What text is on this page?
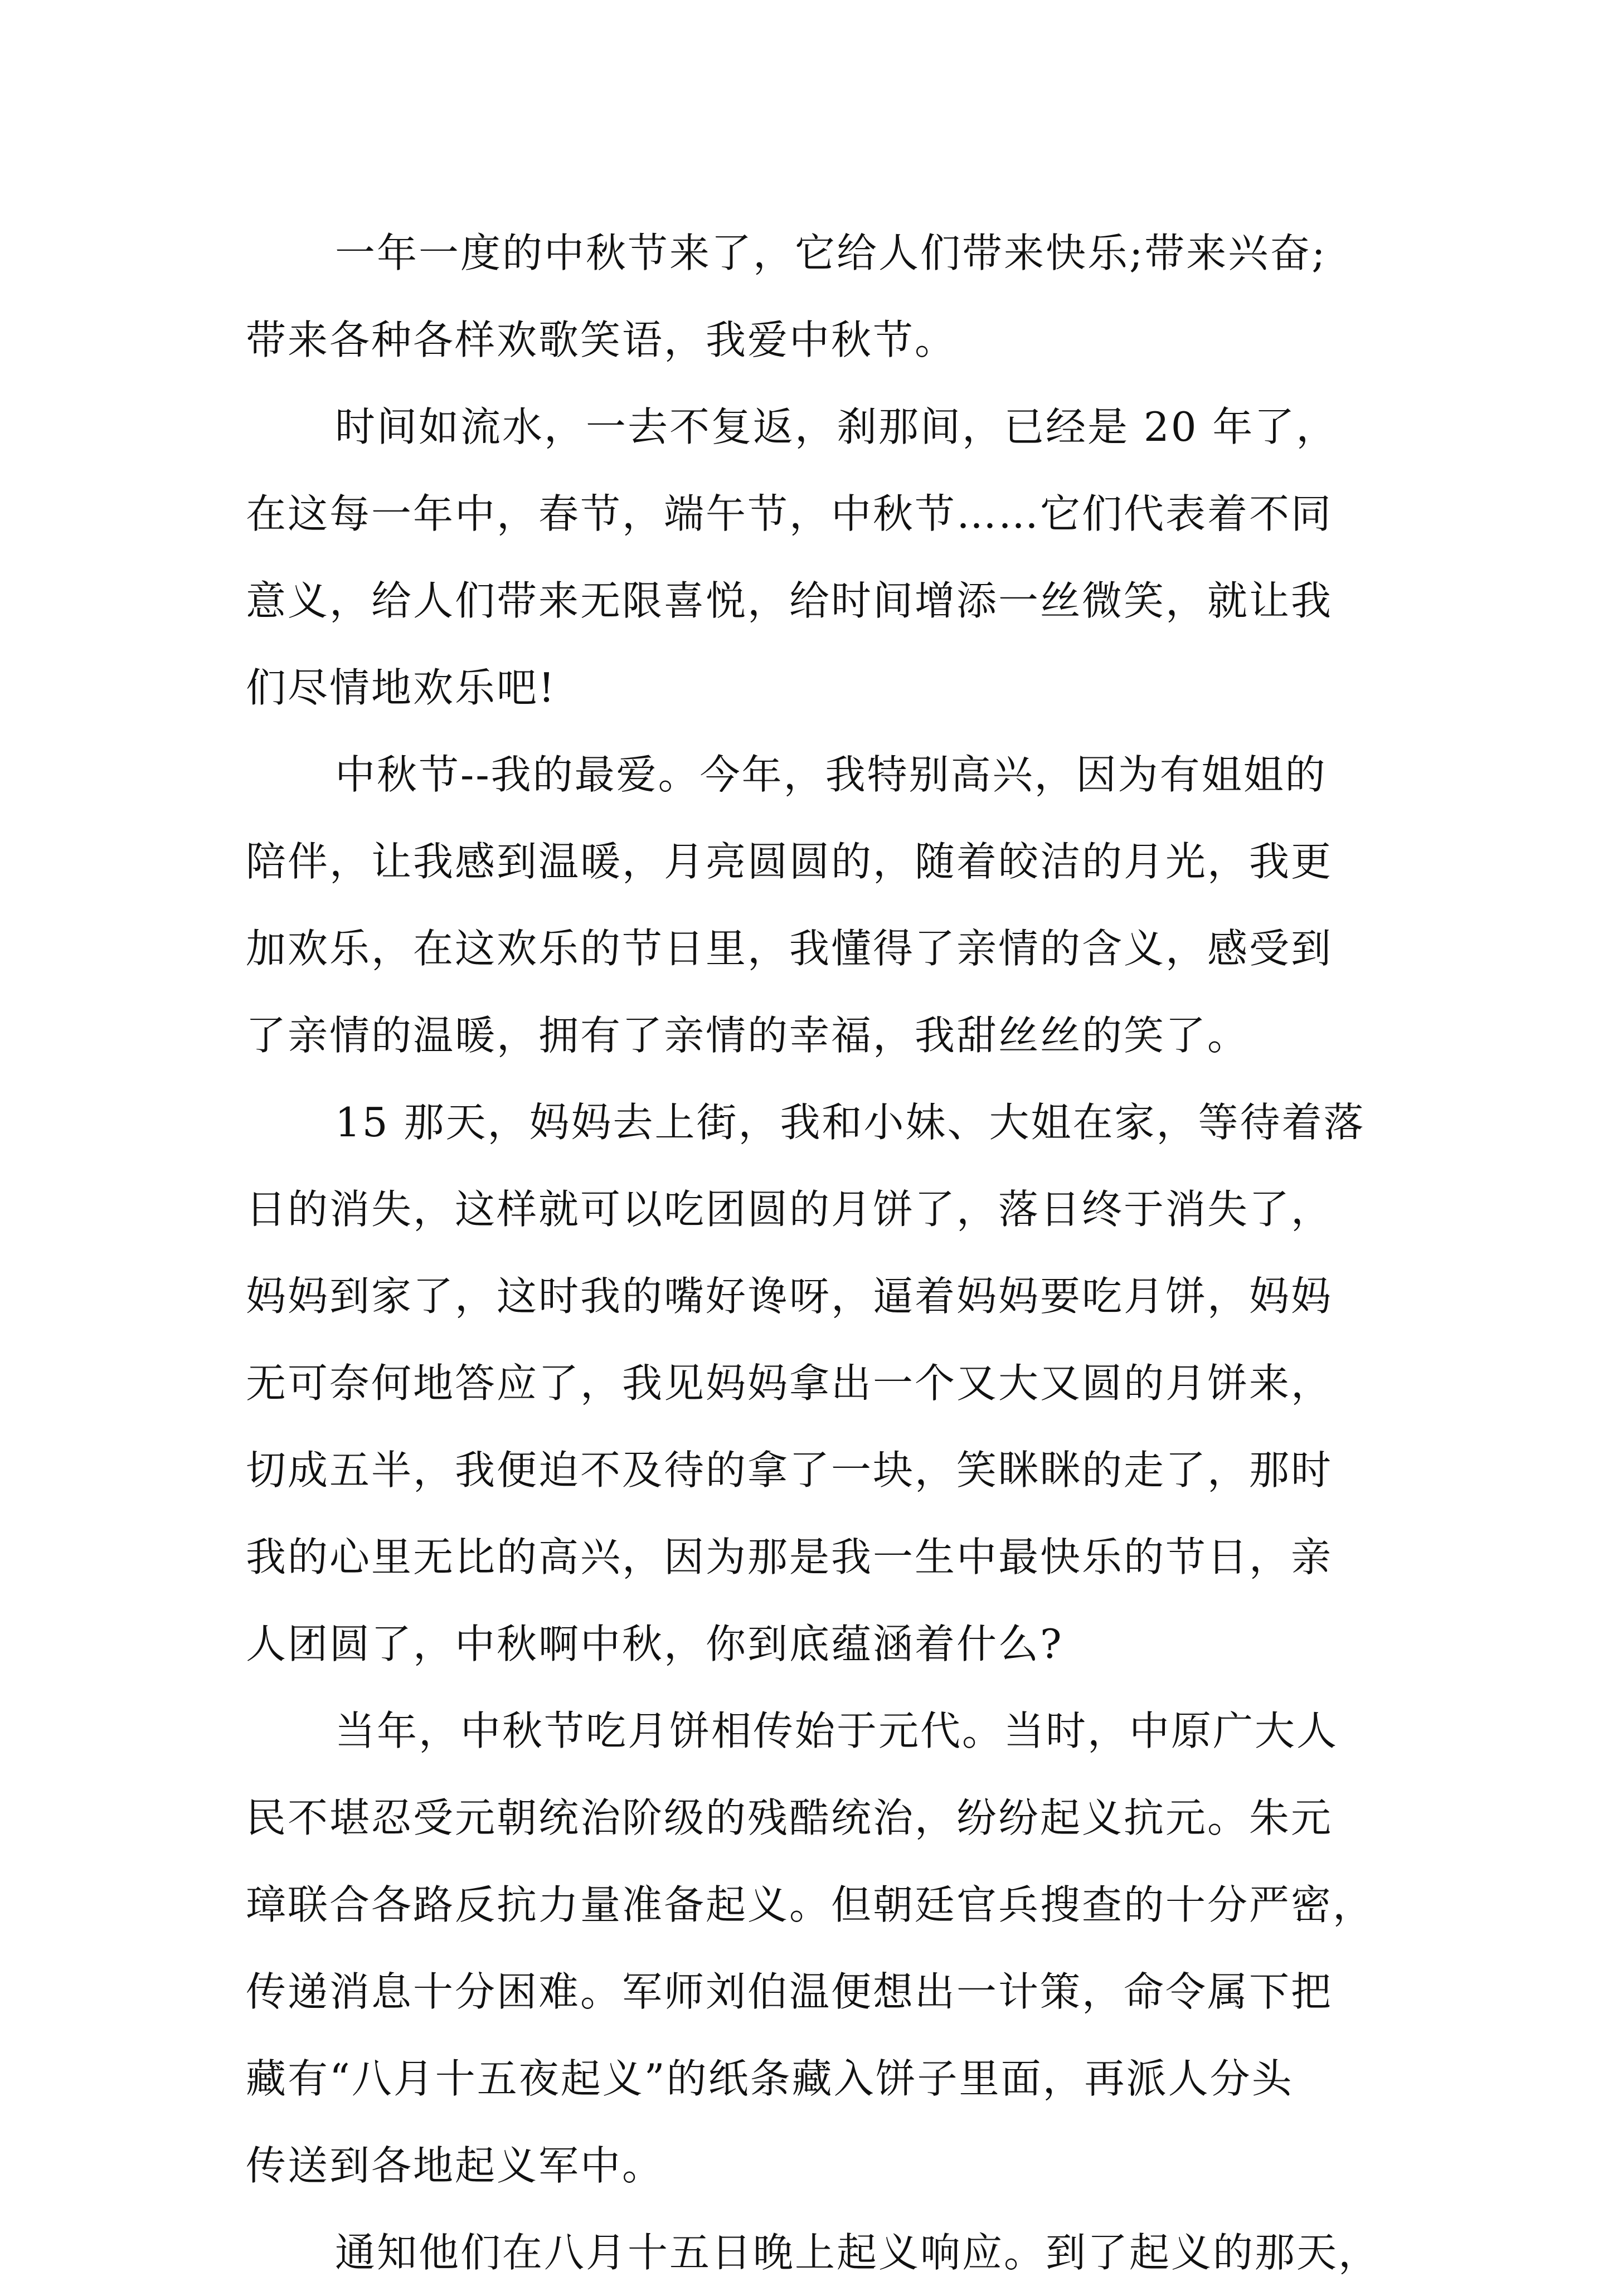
一年一度的中秋节来了，它给人们带来快乐;带来兴奋;
带来各种各样欢歌笑语，我爱中秋节。
时间如流水，一去不复返，刹那间，已经是 20 年了，
在这每一年中，春节，端午节，中秋节……它们代表着不同
意义，给人们带来无限喜悦，给时间增添一丝微笑，就让我
们尽情地欢乐吧!
中秋节--我的最爱。今年，我特别高兴，因为有姐姐的
陪伴，让我感到温暖，月亮圆圆的，随着皎洁的月光，我更
加欢乐，在这欢乐的节日里，我懂得了亲情的含义，感受到
了亲情的温暖，拥有了亲情的幸福，我甜丝丝的笑了。
15 那天，妈妈去上街，我和小妹、大姐在家，等待着落
日的消失，这样就可以吃团圆的月饼了，落日终于消失了，
妈妈到家了，这时我的嘴好谗呀，逼着妈妈要吃月饼，妈妈
无可奈何地答应了，我见妈妈拿出一个又大又圆的月饼来，
切成五半，我便迫不及待的拿了一块，笑眯眯的走了，那时
我的心里无比的高兴，因为那是我一生中最快乐的节日，亲
人团圆了，中秋啊中秋，你到底蕴涵着什么?
当年，中秋节吃月饼相传始于元代。当时，中原广大人
民不堪忍受元朝统治阶级的残酷统治，纷纷起义抗元。朱元
璋联合各路反抗力量准备起义。但朝廷官兵搜查的十分严密，
传递消息十分困难。军师刘伯温便想出一计策，命令属下把
藏有“八月十五夜起义”的纸条藏入饼子里面，再派人分头
传送到各地起义军中。
通知他们在八月十五日晚上起义响应。到了起义的那天，
